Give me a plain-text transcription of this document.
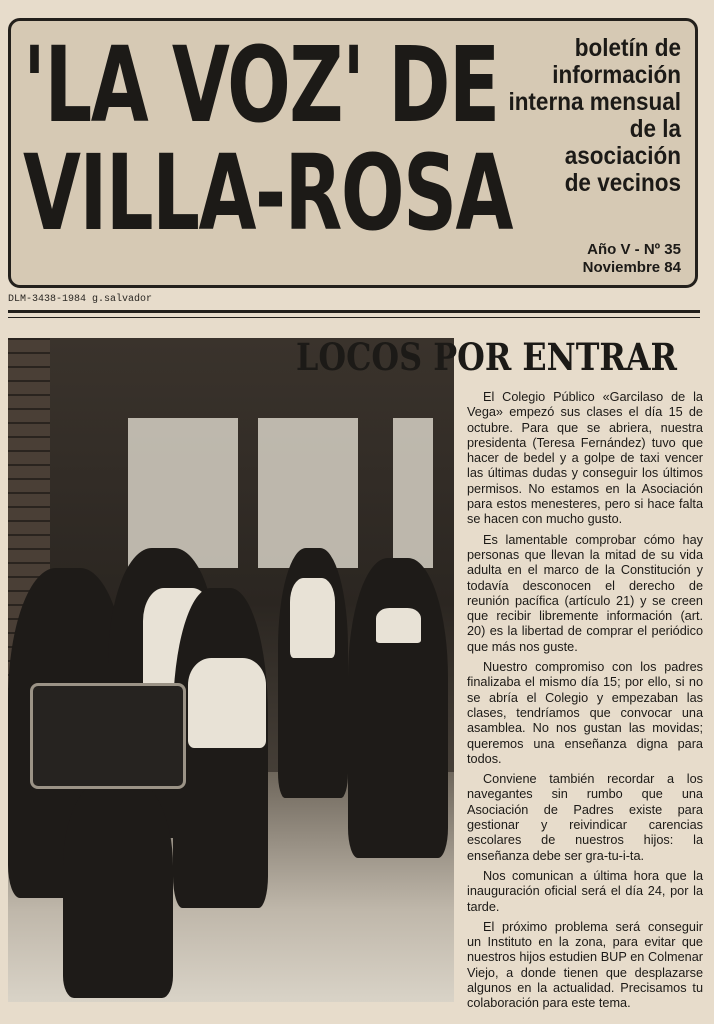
'LA VOZ' DE
VILLA-ROSA
boletín de
información
interna mensual
de la
asociación
de vecinos
Año V - Nº 35
Noviembre 84
DLM-3438-1984 g.salvador
LOCOS POR ENTRAR

El Colegio Público «Garcilaso de la Vega» empezó sus clases el día 15 de octubre. Para que se abriera, nuestra presidenta (Teresa Fernández) tuvo que hacer de bedel y a golpe de taxi vencer las últimas dudas y conseguir los últimos permisos. No estamos en la Asociación para estos menesteres, pero si hace falta se hacen con mucho gusto.

Es lamentable comprobar cómo hay personas que llevan la mitad de su vida adulta en el marco de la Constitución y todavía desconocen el derecho de reunión pacífica (artículo 21) y se creen que recibir libremente información (art. 20) es la libertad de comprar el periódico que más nos guste.

Nuestro compromiso con los padres finalizaba el mismo día 15; por ello, si no se abría el Colegio y empezaban las clases, tendríamos que convocar una asamblea. No nos gustan las movidas; queremos una enseñanza digna para todos.

Conviene también recordar a los navegantes sin rumbo que una Asociación de Padres existe para gestionar y reivindicar carencias escolares de nuestros hijos: la enseñanza debe ser gra-tu-i-ta.

Nos comunican a última hora que la inauguración oficial será el día 24, por la tarde.

El próximo problema será conseguir un Instituto en la zona, para evitar que nuestros hijos estudien BUP en Colmenar Viejo, a donde tienen que desplazarse algunos en la actualidad. Precisamos tu colaboración para este tema.
